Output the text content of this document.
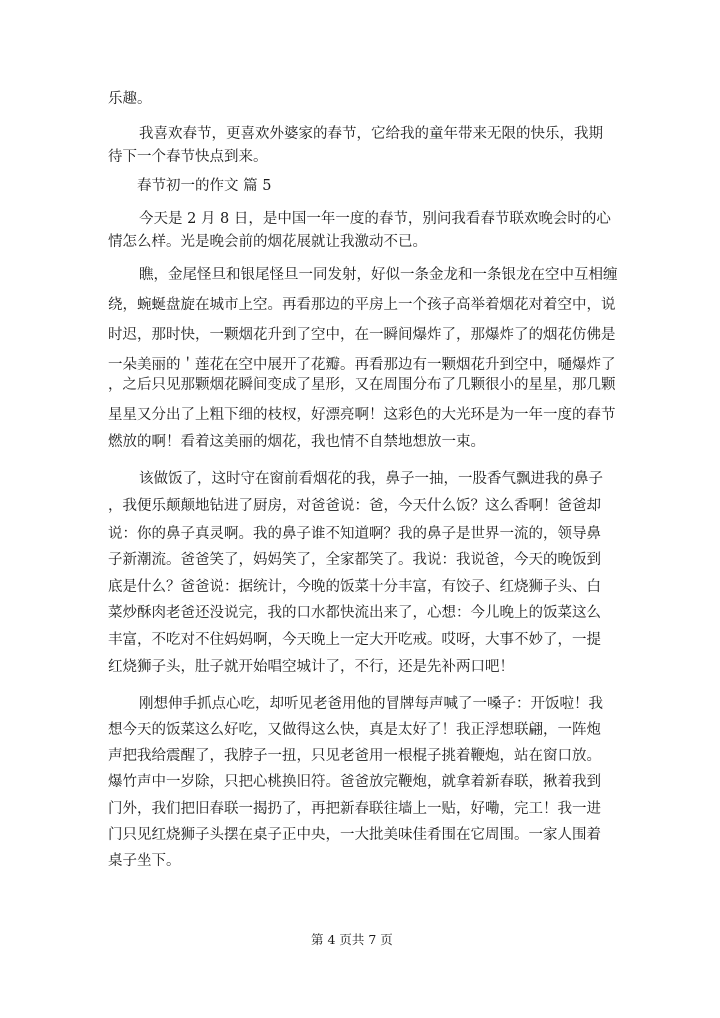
乐趣。
我喜欢春节，更喜欢外婆家的春节，它给我的童年带来无限的快乐，我期
待下一个春节快点到来。
春节初一的作文 篇 5
今天是 2 月 8 日，是中国一年一度的春节，别问我看春节联欢晚会时的心
情怎么样。光是晚会前的烟花展就让我激动不已。
瞧，金尾怪旦和银尾怪旦一同发射，好似一条金龙和一条银龙在空中互相缠
绕，蜿蜒盘旋在城市上空。再看那边的平房上一个孩子高举着烟花对着空中，说
时迟，那时快，一颗烟花升到了空中，在一瞬间爆炸了，那爆炸了的烟花仿佛是
一朵美丽的＇莲花在空中展开了花瓣。再看那边有一颗烟花升到空中，嗵爆炸了
，之后只见那颗烟花瞬间变成了星形，又在周围分布了几颗很小的星星，那几颗
星星又分出了上粗下细的枝杈，好漂亮啊！这彩色的大光环是为一年一度的春节
燃放的啊！看着这美丽的烟花，我也情不自禁地想放一束。
该做饭了，这时守在窗前看烟花的我，鼻子一抽，一股香气飘进我的鼻子
，我便乐颠颠地钻进了厨房，对爸爸说：爸，今天什么饭？这么香啊！爸爸却
说：你的鼻子真灵啊。我的鼻子谁不知道啊？我的鼻子是世界一流的，领导鼻
子新潮流。爸爸笑了，妈妈笑了，全家都笑了。我说：我说爸，今天的晚饭到
底是什么？爸爸说：据统计，今晚的饭菜十分丰富，有饺子、红烧狮子头、白
菜炒酥肉老爸还没说完，我的口水都快流出来了，心想：今儿晚上的饭菜这么
丰富，不吃对不住妈妈啊，今天晚上一定大开吃戒。哎呀，大事不妙了，一提
红烧狮子头，肚子就开始唱空城计了，不行，还是先补两口吧！
刚想伸手抓点心吃，却听见老爸用他的冒牌每声喊了一嗓子：开饭啦！我
想今天的饭菜这么好吃，又做得这么快，真是太好了！我正浮想联翩，一阵炮
声把我给震醒了，我脖子一扭，只见老爸用一根棍子挑着鞭炮，站在窗口放。
爆竹声中一岁除，只把心桃换旧符。爸爸放完鞭炮，就拿着新春联，揪着我到
门外，我们把旧春联一揭扔了，再把新春联往墙上一贴，好嘞，完工！我一进
门只见红烧狮子头摆在桌子正中央，一大批美味佳肴围在它周围。一家人围着
桌子坐下。
第 4 页共 7 页
